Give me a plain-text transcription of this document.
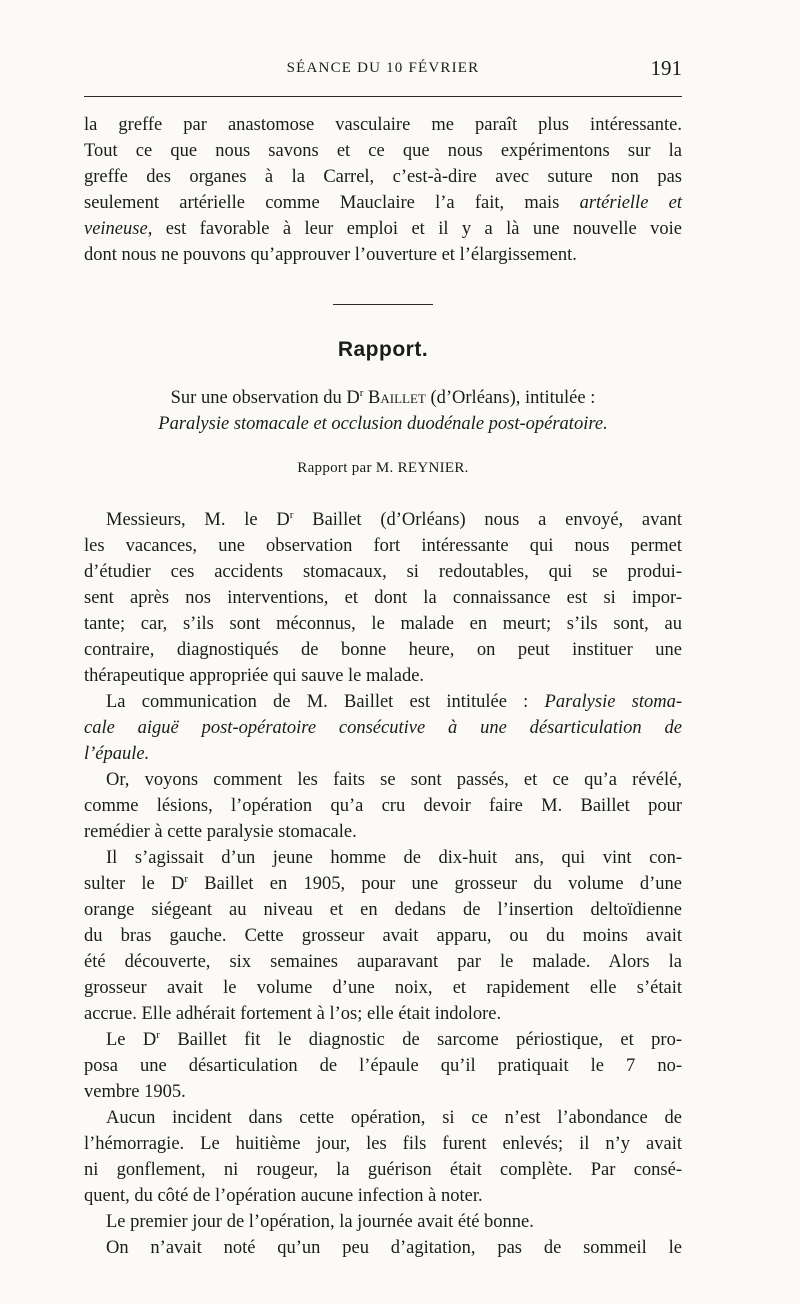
SÉANCE DU 10 FÉVRIER	191
la greffe par anastomose vasculaire me paraît plus intéressante.
Tout ce que nous savons et ce que nous expérimentons sur la
greffe des organes à la Carrel, c’est-à-dire avec suture non pas
seulement artérielle comme Mauclaire l’a fait, mais artérielle et
veineuse, est favorable à leur emploi et il y a là une nouvelle voie
dont nous ne pouvons qu’approuver l’ouverture et l’élargissement.
Rapport.
Sur une observation du $D^r$ Baillet (d’Orléans), intitulée :
Paralysie stomacale et occlusion duodénale post-opératoire.
Rapport par M. REYNIER.
Messieurs, M. le $D^r$ Baillet (d’Orléans) nous a envoyé, avant
les vacances, une observation fort intéressante qui nous permet
d’étudier ces accidents stomacaux, si redoutables, qui se produi-
sent après nos interventions, et dont la connaissance est si impor-
tante; car, s’ils sont méconnus, le malade en meurt; s’ils sont, au
contraire, diagnostiqués de bonne heure, on peut instituer une
thérapeutique appropriée qui sauve le malade.
La communication de M. Baillet est intitulée : Paralysie stoma-
cale aiguë post-opératoire consécutive à une désarticulation de
l’épaule.
Or, voyons comment les faits se sont passés, et ce qu’a révélé,
comme lésions, l’opération qu’a cru devoir faire M. Baillet pour
remédier à cette paralysie stomacale.
Il s’agissait d’un jeune homme de dix-huit ans, qui vint con-
sulter le $D^r$ Baillet en 1905, pour une grosseur du volume d’une
orange siégeant au niveau et en dedans de l’insertion deltoïdienne
du bras gauche. Cette grosseur avait apparu, ou du moins avait
été découverte, six semaines auparavant par le malade. Alors la
grosseur avait le volume d’une noix, et rapidement elle s’était
accrue. Elle adhérait fortement à l’os; elle était indolore.
Le $D^r$ Baillet fit le diagnostic de sarcome périostique, et pro-
posa une désarticulation de l’épaule qu’il pratiquait le 7 no-
vembre 1905.
Aucun incident dans cette opération, si ce n’est l’abondance de
l’hémorragie. Le huitième jour, les fils furent enlevés; il n’y avait
ni gonflement, ni rougeur, la guérison était complète. Par consé-
quent, du côté de l’opération aucune infection à noter.
Le premier jour de l’opération, la journée avait été bonne.
On n’avait noté qu’un peu d’agitation, pas de sommeil le
